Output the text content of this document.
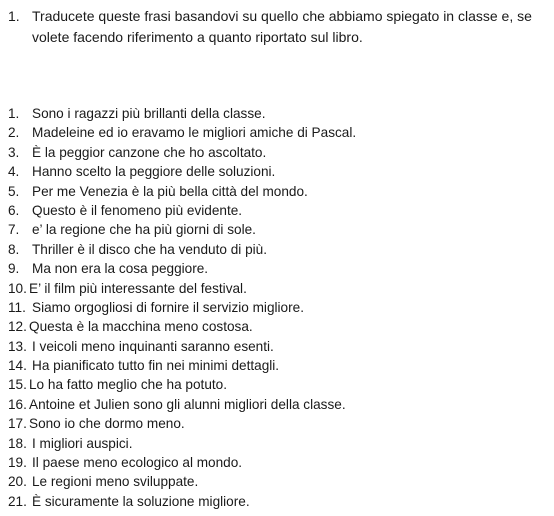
1. Traducete queste frasi basandovi su quello che abbiamo spiegato in classe e, se volete facendo riferimento a quanto riportato sul libro.
1. Sono i ragazzi più brillanti della classe.
2. Madeleine ed io eravamo le migliori amiche di Pascal.
3. È la peggior canzone che ho ascoltato.
4. Hanno scelto la peggiore delle soluzioni.
5. Per me Venezia è la più bella città del mondo.
6. Questo è il fenomeno più evidente.
7. e’ la regione che ha più giorni di sole.
8. Thriller è il disco che ha venduto di più.
9. Ma non era la cosa peggiore.
10. E’ il film più interessante del festival.
11. Siamo orgogliosi di fornire il servizio migliore.
12. Questa è la macchina meno costosa.
13. I veicoli meno inquinanti saranno esenti.
14. Ha pianificato tutto fin nei minimi dettagli.
15. Lo ha fatto meglio che ha potuto.
16. Antoine et Julien sono gli alunni migliori della classe.
17. Sono io che dormo meno.
18. I migliori auspici.
19. Il paese meno ecologico al mondo.
20. Le regioni meno sviluppate.
21. È sicuramente la soluzione migliore.
